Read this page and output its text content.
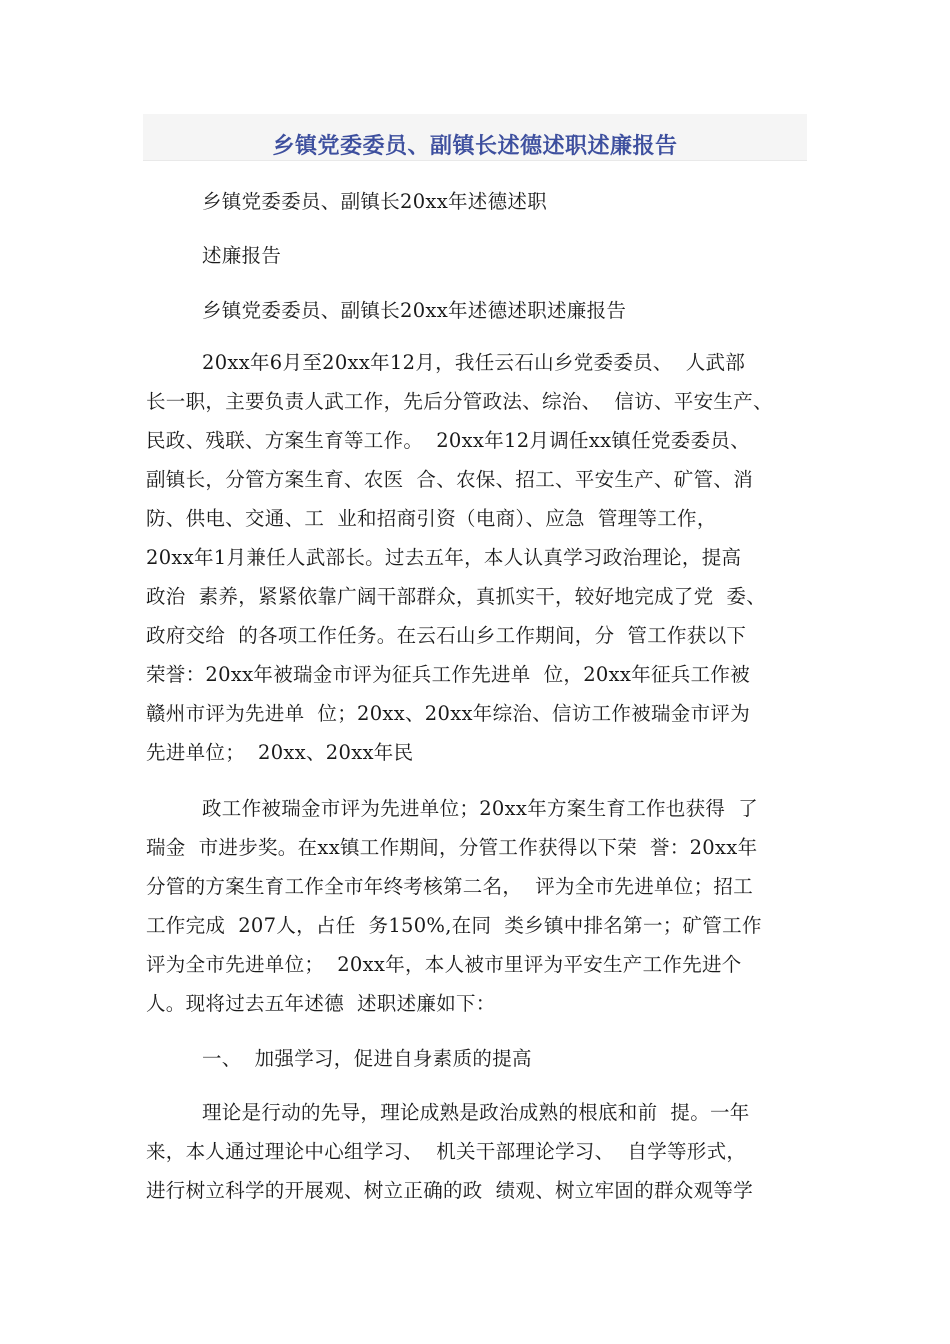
乡镇党委委员、副镇长述德述职述廉报告
乡镇党委委员、副镇长20xx年述德述职
述廉报告
乡镇党委委员、副镇长20xx年述德述职述廉报告
20xx年6月至20xx年12月，我任云石山乡党委委员、  人武部
长一职，主要负责人武工作，先后分管政法、综治、  信访、平安生产、
民政、残联、方案生育等工作。  20xx年12月调任xx镇任党委委员、
副镇长，分管方案生育、农医  合、农保、招工、平安生产、矿管、消
防、供电、交通、工  业和招商引资（电商）、应急  管理等工作，
20xx年1月兼任人武部长。过去五年，本人认真学习政治理论，提高
政治  素养，紧紧依靠广阔干部群众，真抓实干，较好地完成了党  委、
政府交给  的各项工作任务。在云石山乡工作期间，分  管工作获以下
荣誉：20xx年被瑞金市评为征兵工作先进单  位，20xx年征兵工作被
赣州市评为先进单  位；20xx、20xx年综治、信访工作被瑞金市评为
先进单位；  20xx、20xx年民
政工作被瑞金市评为先进单位；20xx年方案生育工作也获得  了
瑞金  市进步奖。在xx镇工作期间，分管工作获得以下荣  誉：20xx年
分管的方案生育工作全市年终考核第二名，  评为全市先进单位；招工
工作完成  207人，占任  务150%,在同  类乡镇中排名第一；矿管工作
评为全市先进单位；  20xx年，本人被市里评为平安生产工作先进个
人。现将过去五年述德  述职述廉如下：
一、  加强学习，促进自身素质的提高
理论是行动的先导，理论成熟是政治成熟的根底和前  提。一年
来，本人通过理论中心组学习、  机关干部理论学习、  自学等形式，
进行树立科学的开展观、树立正确的政  绩观、树立牢固的群众观等学
